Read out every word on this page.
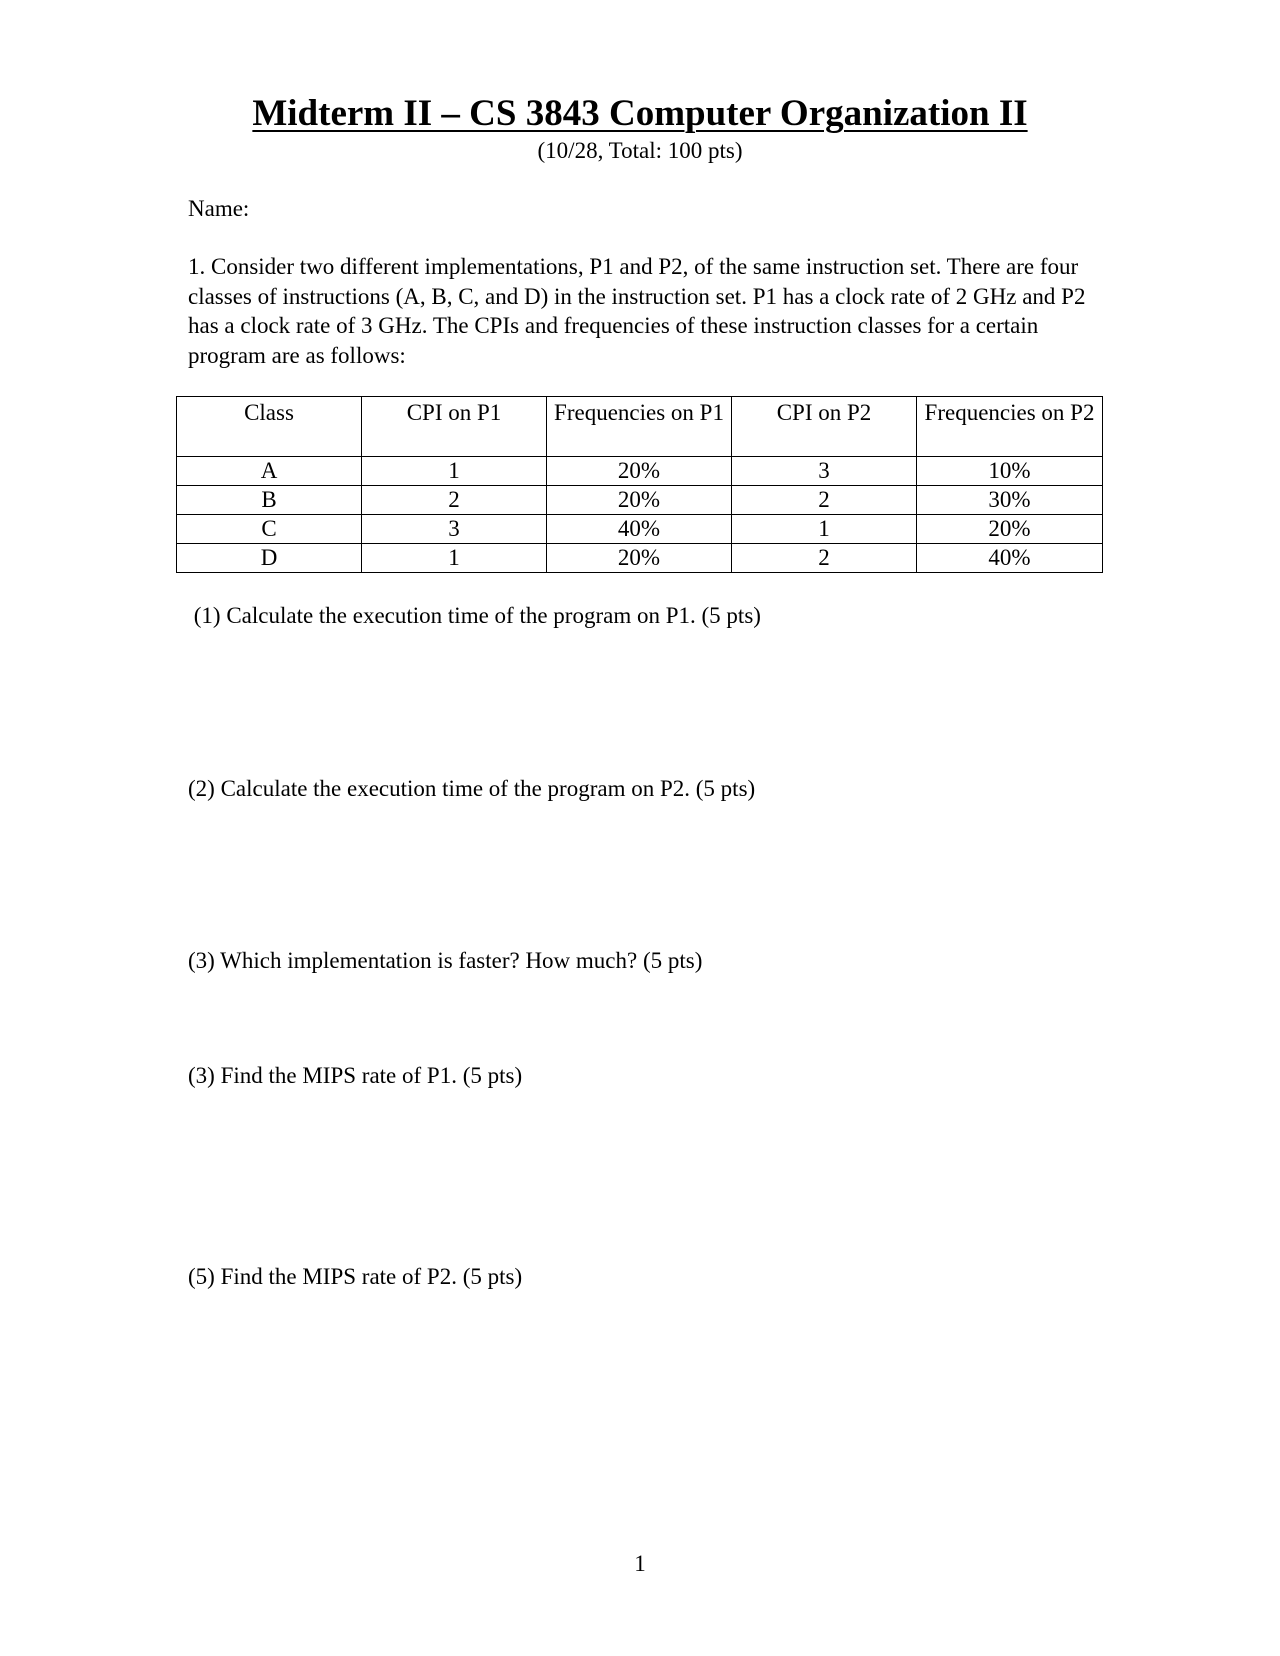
Midterm II – CS 3843 Computer Organization II
(10/28, Total: 100 pts)
Name:

1. Consider two different implementations, P1 and P2, of the same instruction set. There are four classes of instructions (A, B, C, and D) in the instruction set. P1 has a clock rate of 2 GHz and P2 has a clock rate of 3 GHz. The CPIs and frequencies of these instruction classes for a certain program are as follows:

Class	CPI on P1	Frequencies on P1	CPI on P2	Frequencies on P2
A	1	20%	3	10%
B	2	20%	2	30%
C	3	40%	1	20%
D	1	20%	2	40%

(1) Calculate the execution time of the program on P1. (5 pts)

(2) Calculate the execution time of the program on P2. (5 pts)

(3) Which implementation is faster? How much? (5 pts)

(3) Find the MIPS rate of P1. (5 pts)

(5) Find the MIPS rate of P2. (5 pts)

1
